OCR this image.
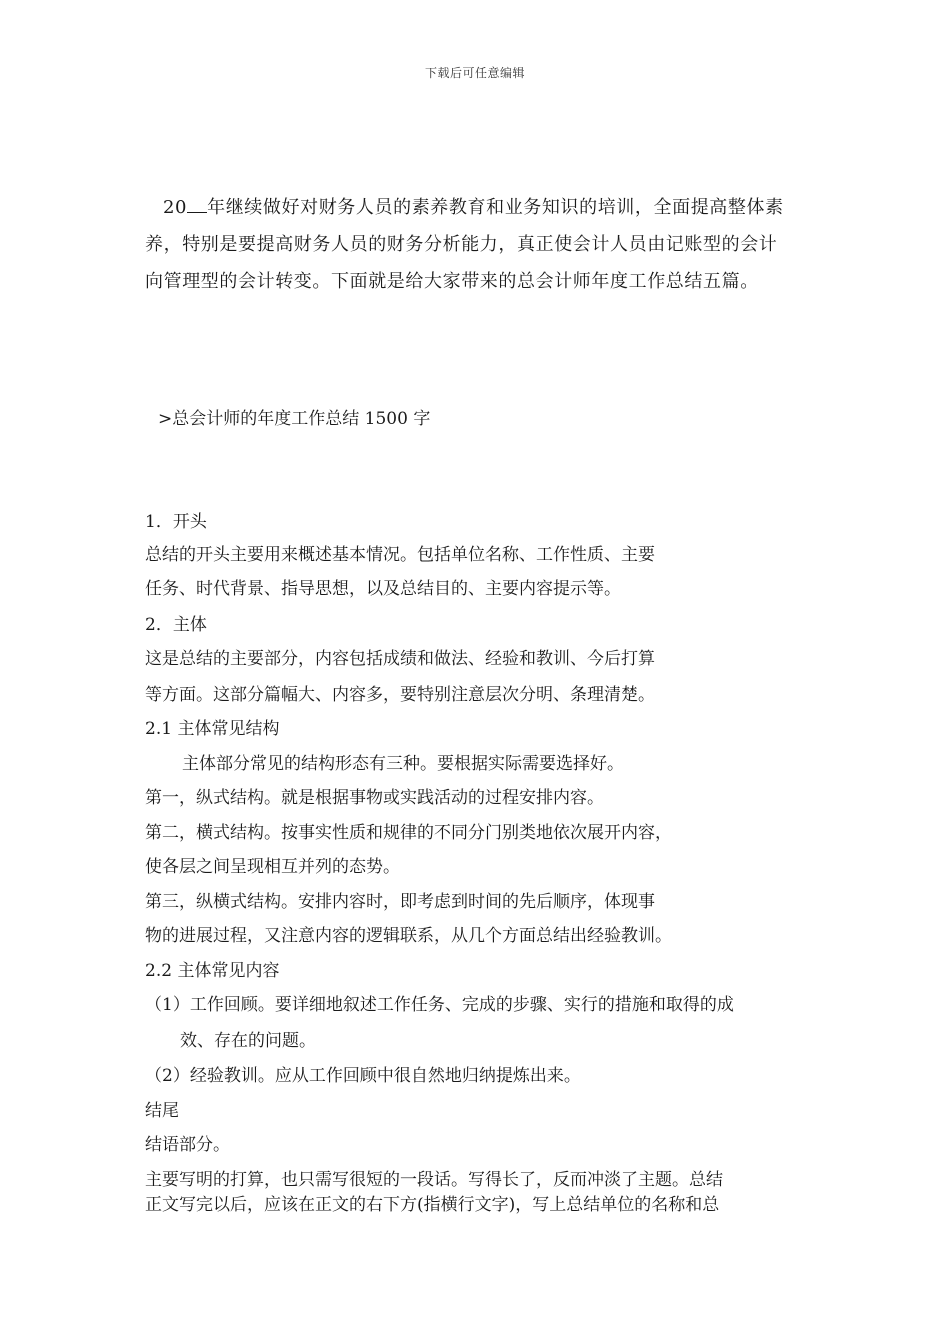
下载后可任意编辑
20 年继续做好对财务人员的素养教育和业务知识的培训，全面提高整体素
养，特别是要提高财务人员的财务分析能力，真正使会计人员由记账型的会计
向管理型的会计转变。下面就是给大家带来的总会计师年度工作总结五篇。
>总会计师的年度工作总结 1500 字
1．开头
总结的开头主要用来概述基本情况。包括单位名称、工作性质、主要
任务、时代背景、指导思想，以及总结目的、主要内容提示等。
2．主体
这是总结的主要部分，内容包括成绩和做法、经验和教训、今后打算
等方面。这部分篇幅大、内容多，要特别注意层次分明、条理清楚。
2.1 主体常见结构
主体部分常见的结构形态有三种。要根据实际需要选择好。
第一，纵式结构。就是根据事物或实践活动的过程安排内容。
第二，横式结构。按事实性质和规律的不同分门别类地依次展开内容，
使各层之间呈现相互并列的态势。
第三，纵横式结构。安排内容时，即考虑到时间的先后顺序，体现事
物的进展过程，又注意内容的逻辑联系，从几个方面总结出经验教训。
2.2 主体常见内容
（1）工作回顾。要详细地叙述工作任务、完成的步骤、实行的措施和取得的成
效、存在的问题。
（2）经验教训。应从工作回顾中很自然地归纳提炼出来。
结尾
结语部分。
主要写明的打算，也只需写很短的一段话。写得长了，反而冲淡了主题。总结
正文写完以后，应该在正文的右下方(指横行文字)，写上总结单位的名称和总
